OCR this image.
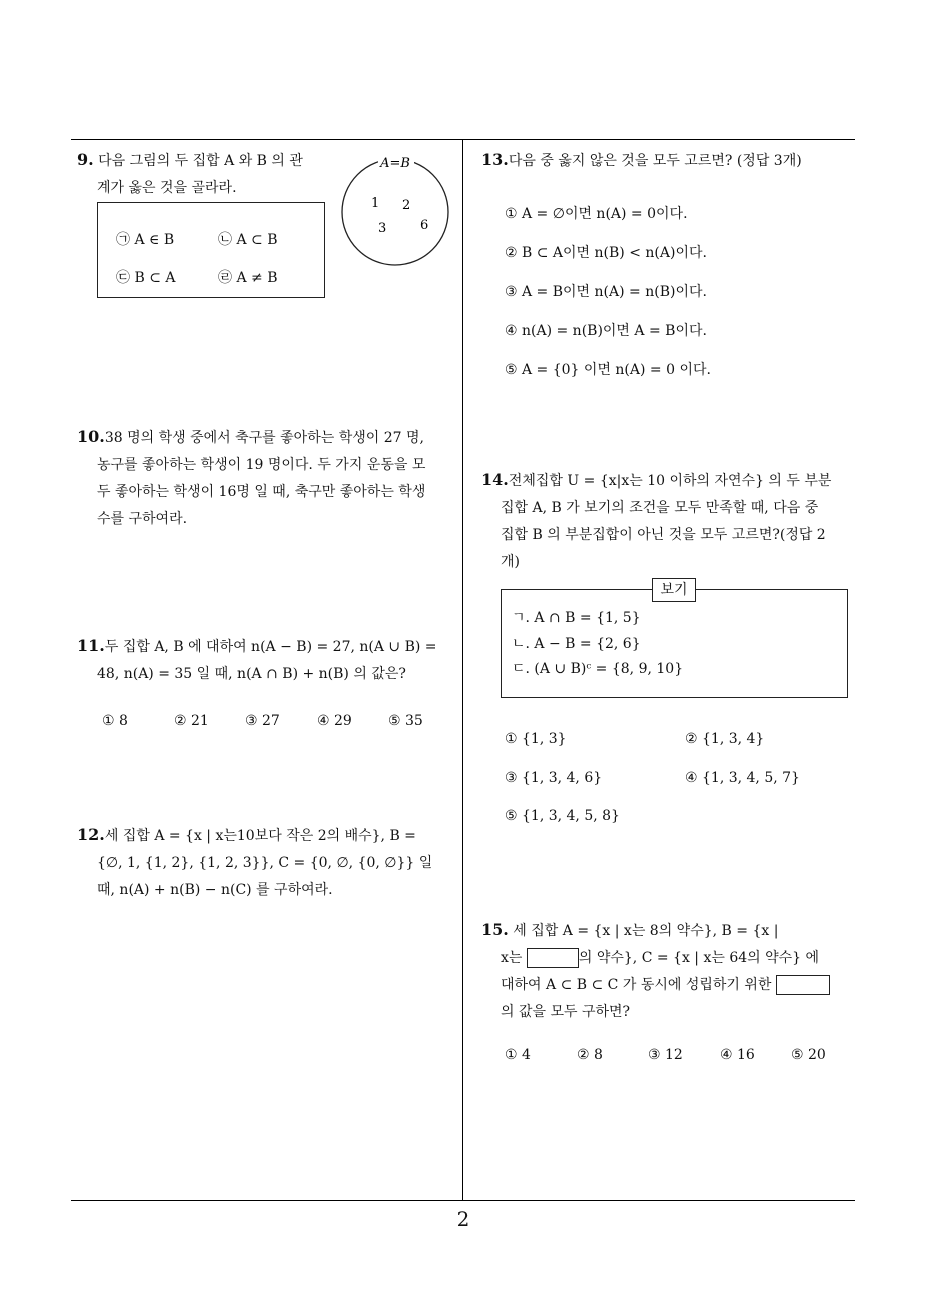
9. 다음 그림의 두 집합 A 와 B 의 관
계가 옳은 것을 골라라.
㉠ A ∈ B	㉡ A ⊂ B
㉢ B ⊂ A	㉣ A ≠ B
A=B
1 2
3	6
10.38 명의 학생 중에서 축구를 좋아하는 학생이 27 명,
농구를 좋아하는 학생이 19 명이다. 두 가지 운동을 모
두 좋아하는 학생이 16명 일 때, 축구만 좋아하는 학생
수를 구하여라.
11.두 집합 A, B 에 대하여 n(A − B) = 27, n(A ∪ B) =
48, n(A) = 35 일 때, n(A ∩ B) + n(B) 의 값은?
① 8	② 21	③ 27	④ 29	⑤ 35
12.세 집합 A = {x | x는10보다 작은 2의 배수}, B =
{∅, 1, {1, 2}, {1, 2, 3}}, C = {0, ∅, {0, ∅}} 일
때, n(A) + n(B) − n(C) 를 구하여라.
13.다음 중 옳지 않은 것을 모두 고르면? (정답 3개)
① A = ∅이면 n(A) = 0이다.
② B ⊂ A이면 n(B) < n(A)이다.
③ A = B이면 n(A) = n(B)이다.
④ n(A) = n(B)이면 A = B이다.
⑤ A = {0} 이면 n(A) = 0 이다.
14.전체집합 U = {x|x는 10 이하의 자연수} 의 두 부분
집합 A, B 가 보기의 조건을 모두 만족할 때, 다음 중
집합 B 의 부분집합이 아닌 것을 모두 고르면?(정답 2
개)
ㄱ. A ∩ B = {1, 5}
ㄴ. A − B = {2, 6}
ㄷ. (A ∪ B)ᶜ = {8, 9, 10}
보기
① {1, 3}	② {1, 3, 4}
③ {1, 3, 4, 6}	④ {1, 3, 4, 5, 7}
⑤ {1, 3, 4, 5, 8}
15. 세 집합 A = {x | x는 8의 약수}, B = {x |
x는	의 약수}, C = {x | x는 64의 약수} 에
대하여 A ⊂ B ⊂ C 가 동시에 성립하기 위한
의 값을 모두 구하면?
① 4	② 8	③ 12	④ 16	⑤ 20
2
